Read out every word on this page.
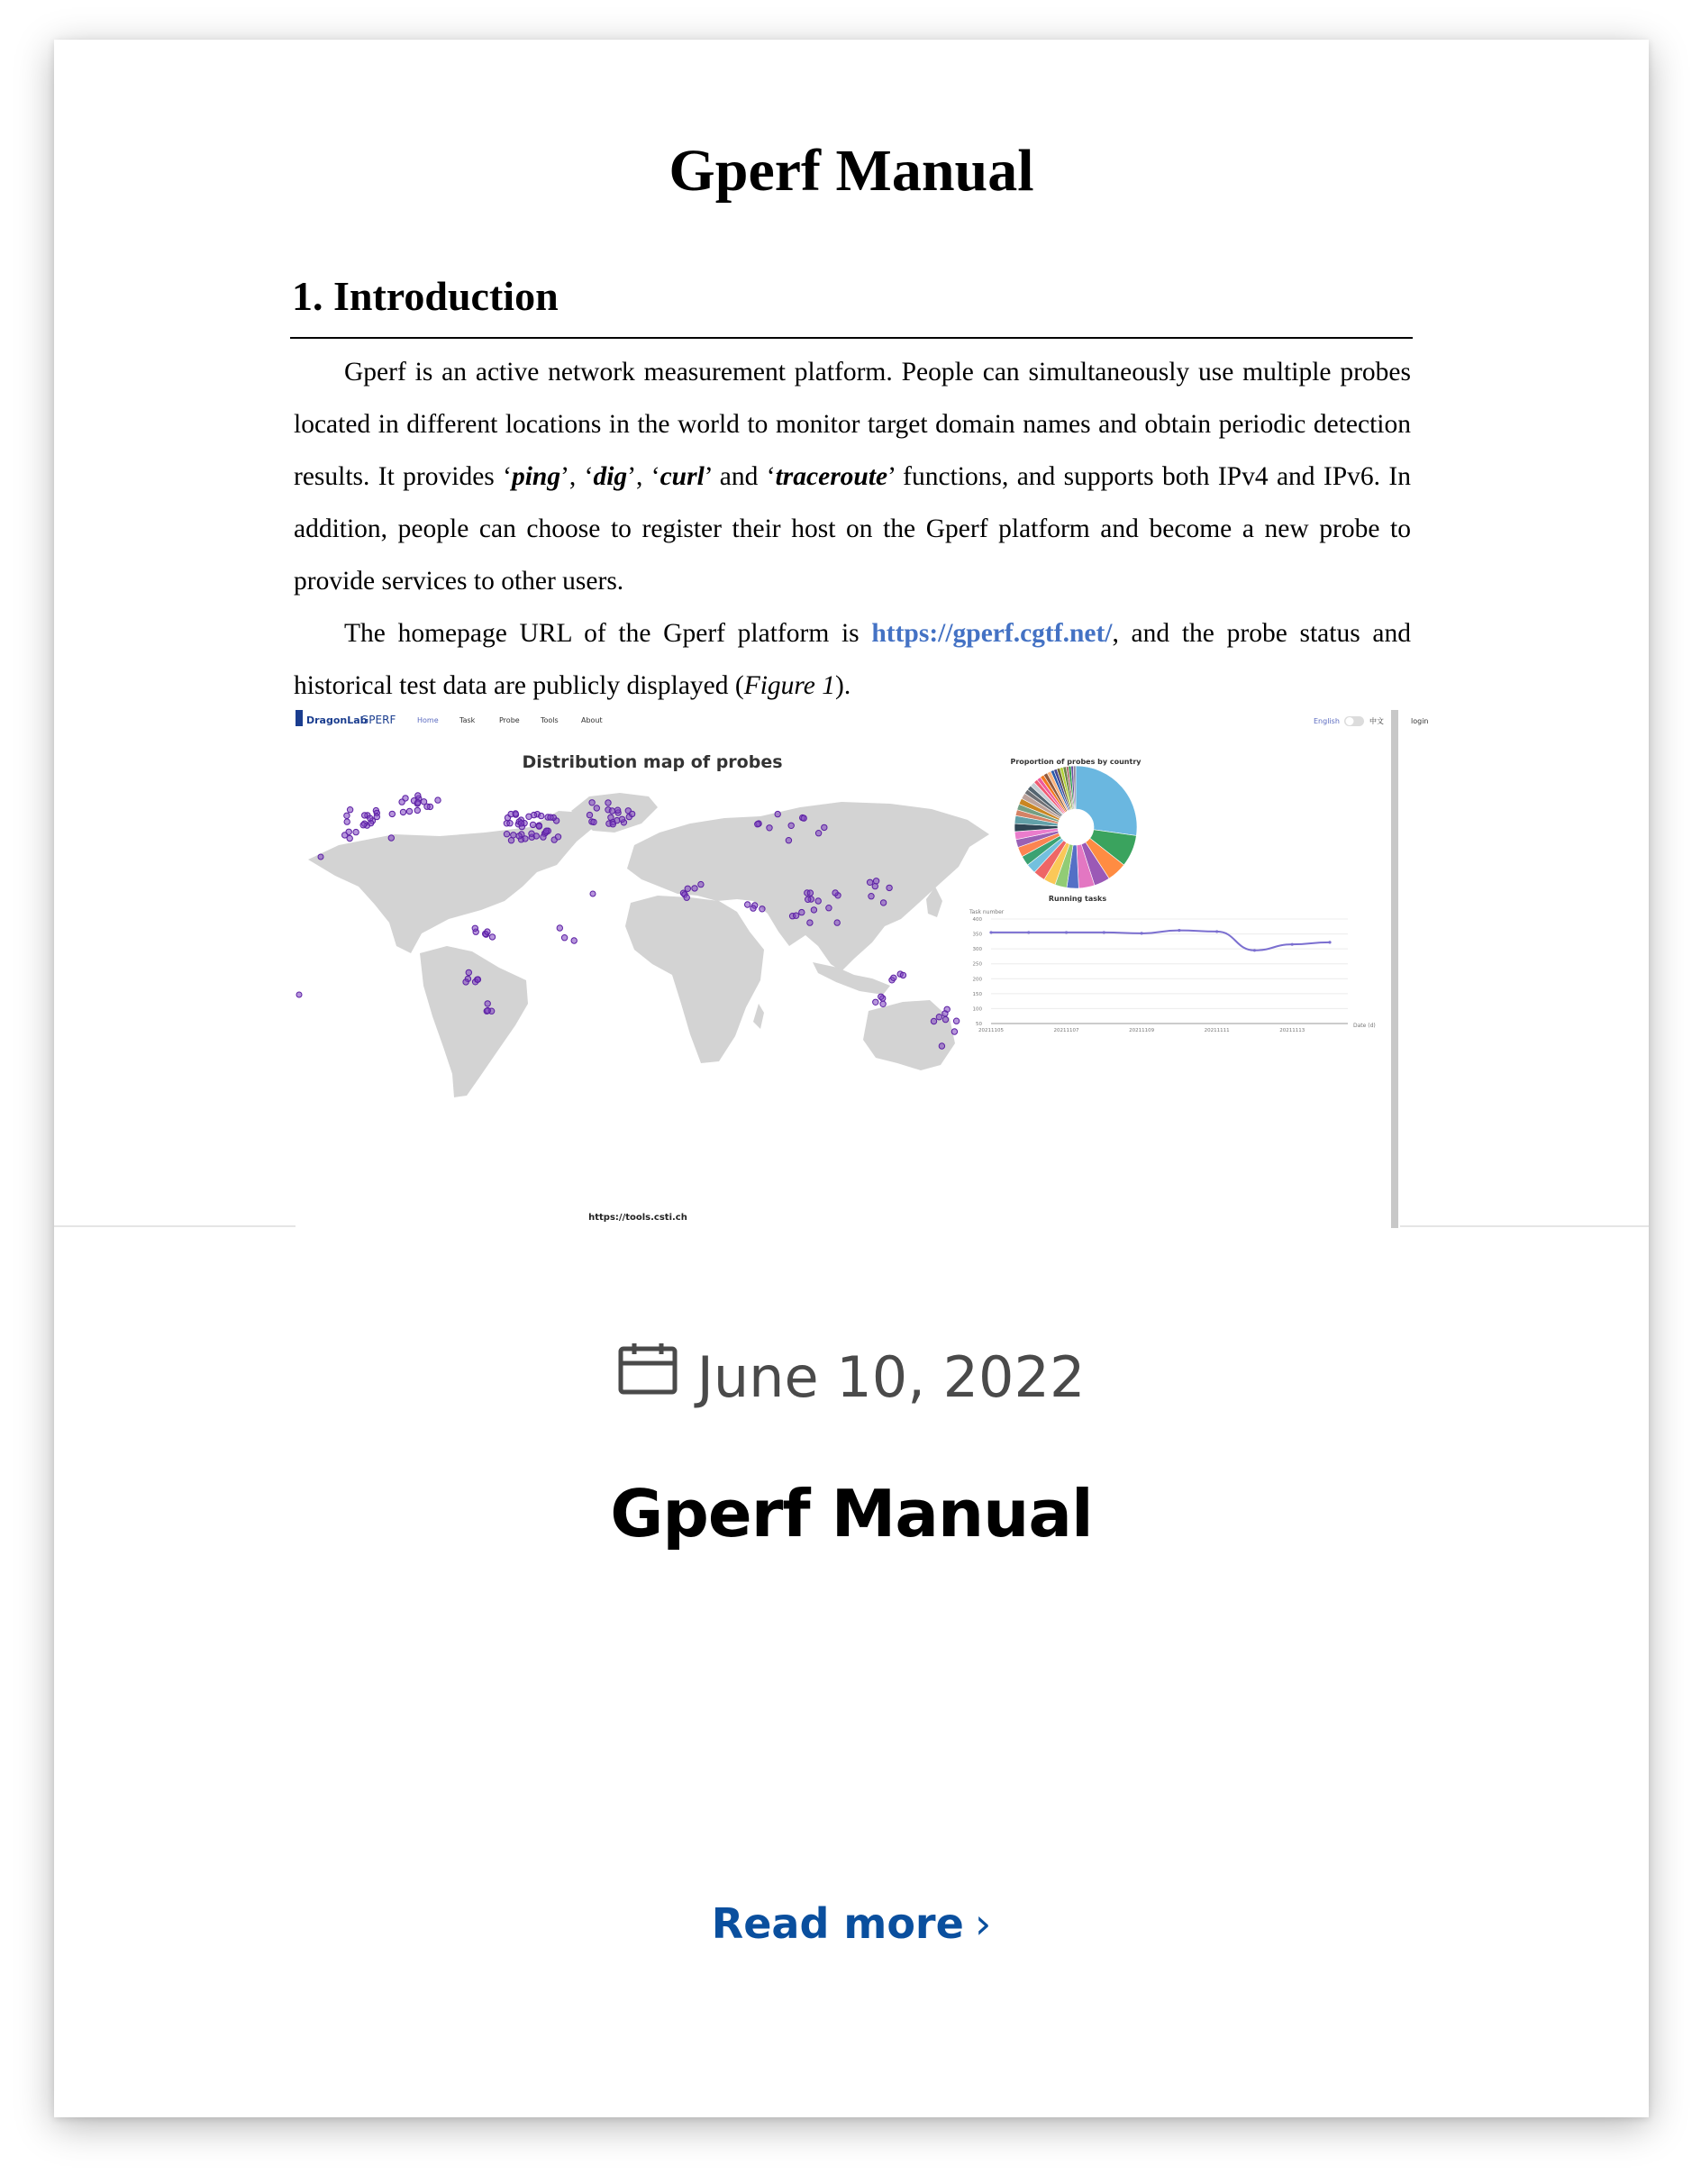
Gperf Manual
1. Introduction

Gperf is an active network measurement platform. People can simultaneously use multiple probes located in different locations in the world to monitor target domain names and obtain periodic detection results. It provides ‘ping’, ‘dig’, ‘curl’ and ‘traceroute’ functions, and supports both IPv4 and IPv6. In addition, people can choose to register their host on the Gperf platform and become a new probe to provide services to other users.

The homepage URL of the Gperf platform is https://gperf.cgtf.net/, and the probe status and historical test data are publicly displayed (Figure 1).

DragonLab
GPERF	Home	Task	Probe	Tools	About	English	中文	login
Distribution map of probes
https://tools.csti.ch
Proportion of probes by country
Running tasks
Task number
Date (d)
50
100
150
200
250
300
350
400
20211105	20211107	20211109	20211111	20211113
June 10, 2022
Gperf Manual
Read more ›
